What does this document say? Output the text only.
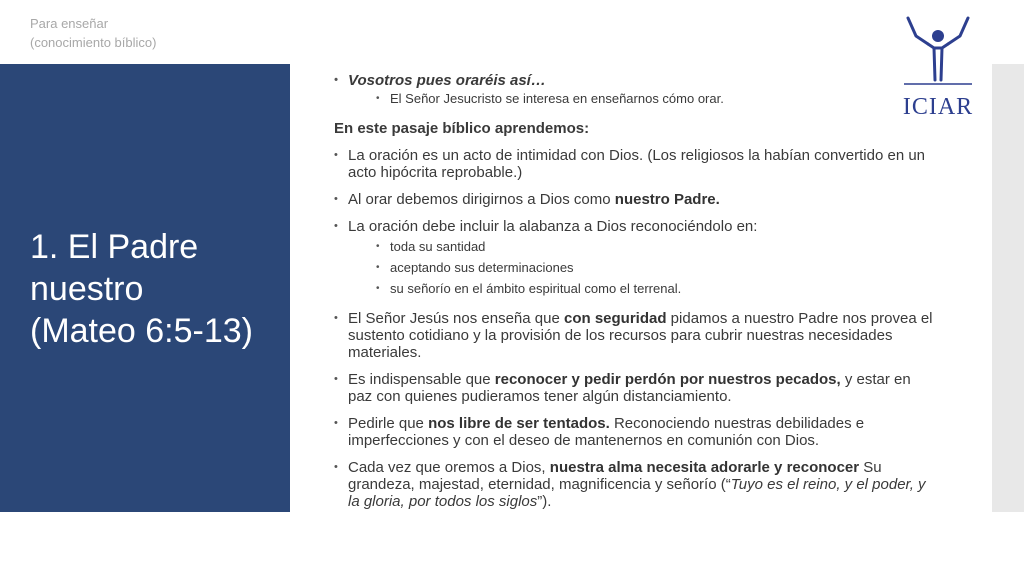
Para enseñar
(conocimiento bíblico)
1. El Padre
nuestro
(Mateo 6:5-13)
ICIAR
• Vosotros pues oraréis así…
• El Señor Jesucristo se interesa en enseñarnos cómo orar.

En este pasaje bíblico aprendemos:

• La oración es un acto de intimidad con Dios. (Los religiosos la habían convertido en un acto hipócrita reprobable.)
• Al orar debemos dirigirnos a Dios como nuestro Padre.
• La oración debe incluir la alabanza a Dios reconociéndolo en:
• toda su santidad
• aceptando sus determinaciones
• su señorío en el ámbito espiritual como el terrenal.
• El Señor Jesús nos enseña que con seguridad pidamos a nuestro Padre nos provea el sustento cotidiano y la provisión de los recursos para cubrir nuestras necesidades materiales.
• Es indispensable que reconocer y pedir perdón por nuestros pecados, y estar en paz con quienes pudieramos tener algún distanciamiento.
• Pedirle que nos libre de ser tentados. Reconociendo nuestras debilidades e imperfecciones y con el deseo de mantenernos en comunión con Dios.
• Cada vez que oremos a Dios, nuestra alma necesita adorarle y reconocer Su grandeza, majestad, eternidad, magnificencia y señorío (“Tuyo es el reino, y el poder, y la gloria, por todos los siglos”).
